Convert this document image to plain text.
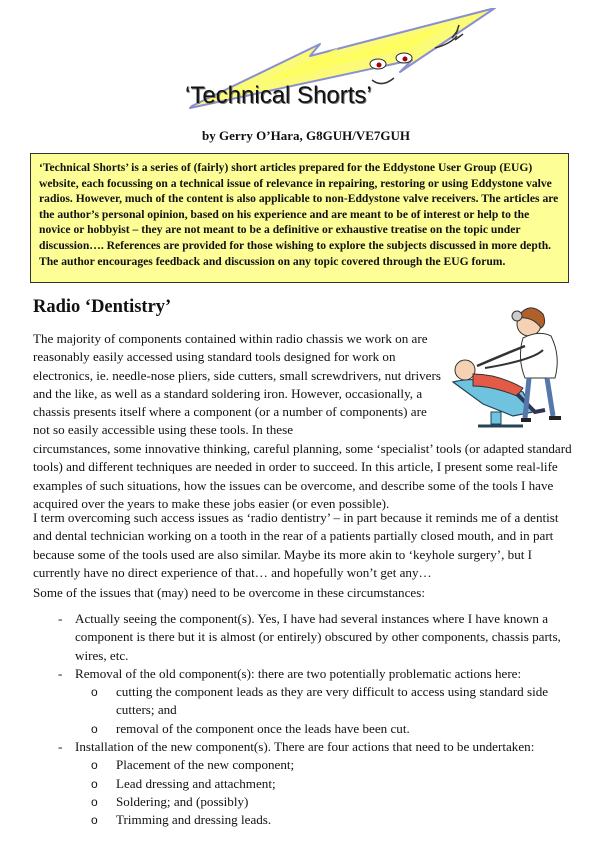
‘Technical Shorts’
by Gerry O’Hara, G8GUH/VE7GUH
‘Technical Shorts’ is a series of (fairly) short articles prepared for the Eddystone User Group (EUG) website, each focussing on a technical issue of relevance in repairing, restoring or using Eddystone valve radios. However, much of the content is also applicable to non-Eddystone valve receivers. The articles are the author’s personal opinion, based on his experience and are meant to be of interest or help to the novice or hobbyist – they are not meant to be a definitive or exhaustive treatise on the topic under discussion…. References are provided for those wishing to explore the subjects discussed in more depth. The author encourages feedback and discussion on any topic covered through the EUG forum.
Radio ‘Dentistry’
The majority of components contained within radio chassis we work on are reasonably easily accessed using standard tools designed for work on electronics, ie. needle-nose pliers, side cutters, small screwdrivers, nut drivers and the like, as well as a standard soldering iron. However, occasionally, a chassis presents itself where a component (or a number of components) are not so easily accessible using these tools. In these
circumstances, some innovative thinking, careful planning, some ‘specialist’ tools (or adapted standard tools) and different techniques are needed in order to succeed. In this article, I present some real-life examples of such situations, how the issues can be overcome, and describe some of the tools I have acquired over the years to make these jobs easier (or even possible).
I term overcoming such access issues as ‘radio dentistry’ – in part because it reminds me of a dentist and dental technician working on a tooth in the rear of a patients partially closed mouth, and in part because some of the tools used are also similar. Maybe its more akin to ‘keyhole surgery’, but I currently have no direct experience of that… and hopefully won’t get any…
Some of the issues that (may) need to be overcome in these circumstances:
- Actually seeing the component(s). Yes, I have had several instances where I have known a component is there but it is almost (or entirely) obscured by other components, chassis parts, wires, etc.
- Removal of the old component(s): there are two potentially problematic actions here:
o cutting the component leads as they are very difficult to access using standard side cutters; and
o removal of the component once the leads have been cut.
- Installation of the new component(s). There are four actions that need to be undertaken:
o Placement of the new component;
o Lead dressing and attachment;
o Soldering; and (possibly)
o Trimming and dressing leads.
